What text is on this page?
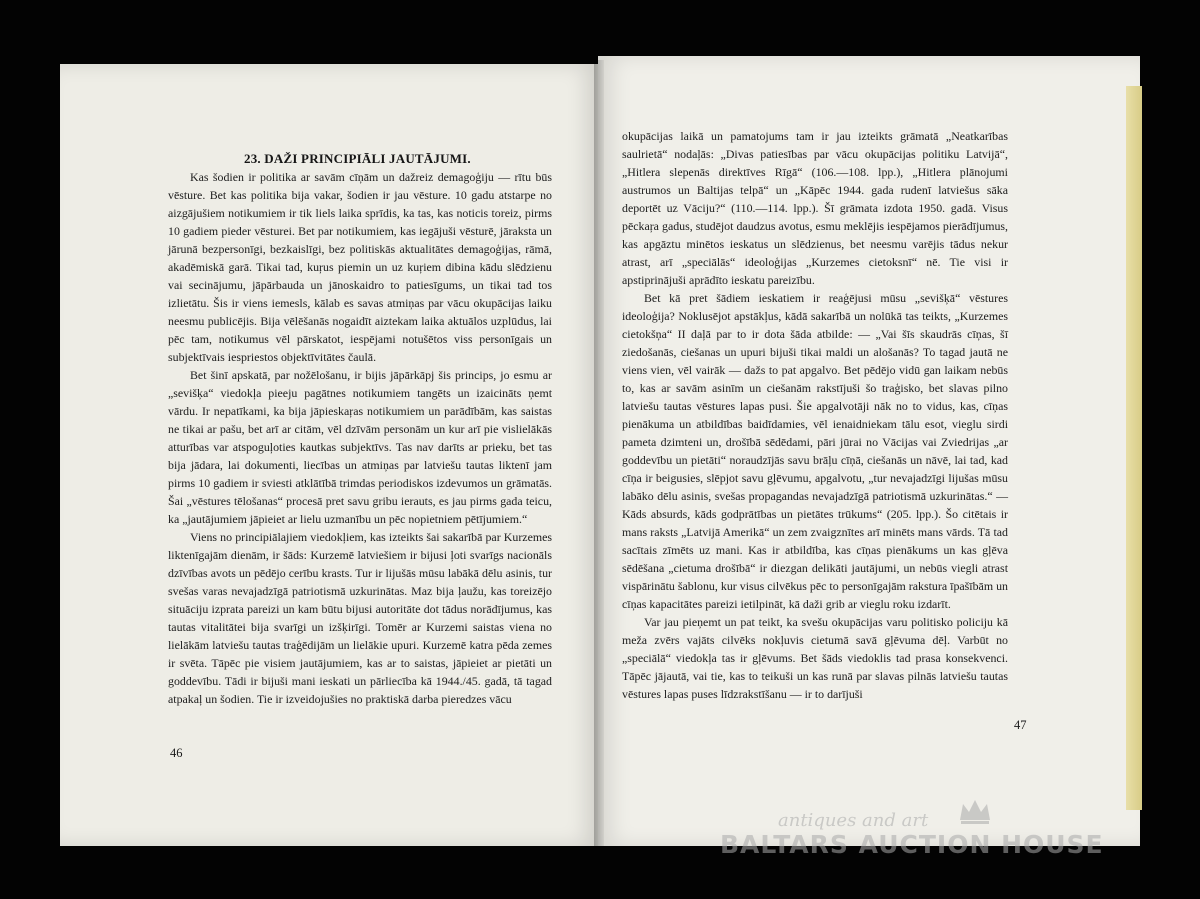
23. DAŽI PRINCIPIĀLI JAUTĀJUMI.

Kas šodien ir politika ar savām cīņām un dažreiz demagoģiju — rītu būs vēsture. Bet kas politika bija vakar, šodien ir jau vēsture. 10 gadu atstarpe no aizgājušiem notikumiem ir tik liels laika sprīdis, ka tas, kas noticis toreiz, pirms 10 gadiem pieder vēsturei. Bet par notikumiem, kas iegājuši vēsturē, jāraksta un jārunā bezpersonīgi, bezkaislīgi, bez politiskās aktualitātes demagoģijas, rāmā, akadēmiskā garā. Tikai tad, kuŗus piemin un uz kuŗiem dibina kādu slēdzienu vai secinājumu, jāpārbauda un jānoskaidro to patiesīgums, un tikai tad tos izlietātu. Šis ir viens iemesls, kālab es savas atmiņas par vācu okupācijas laiku neesmu publicējis. Bija vēlēšanās nogaidīt aiztekam laika aktuālos uzplūdus, lai pēc tam, notikumus vēl pārskatot, iespējami notušētos viss personīgais un subjektīvais iespriestos objektīvitātes čaulā.

Bet šinī apskatā, par nožēlošanu, ir bijis jāpārkāpj šis princips, jo esmu ar „sevišķa“ viedokļa pieeju pagātnes notikumiem tangēts un izaicināts ņemt vārdu. Ir nepatīkami, ka bija jāpieskaŗas notikumiem un parādībām, kas saistas ne tikai ar pašu, bet arī ar citām, vēl dzīvām personām un kur arī pie vislielākās atturības var atspoguļoties kautkas subjektīvs. Tas nav darīts ar prieku, bet tas bija jādara, lai dokumenti, liecības un atmiņas par latviešu tautas liktenī jam pirms 10 gadiem ir sviesti atklātībā trimdas periodiskos izdevumos un grāmatās. Šai „vēstures tēlošanas“ procesā pret savu gribu ierauts, es jau pirms gada teicu, ka „jautājumiem jāpieiet ar lielu uzmanību un pēc nopietniem pētījumiem.“

Viens no principiālajiem viedokļiem, kas izteikts šai sakarībā par Kurzemes liktenīgajām dienām, ir šāds: Kurzemē latviešiem ir bijusi ļoti svarīgs nacionāls dzīvības avots un pēdējo cerību krasts. Tur ir lijušās mūsu labākā dēlu asinis, tur svešas varas nevajadzīgā patriotismā uzkurinātas. Maz bija ļaužu, kas toreizējo situāciju izprata pareizi un kam būtu bijusi autoritāte dot tādus norādījumus, kas tautas vitalitātei bija svarīgi un izšķirīgi. Tomēr ar Kurzemi saistas viena no lielākām latviešu tautas traģēdijām un lielākie upuri. Kurzemē katra pēda zemes ir svēta. Tāpēc pie visiem jautājumiem, kas ar to saistas, jāpieiet ar pietāti un goddevību. Tādi ir bijuši mani ieskati un pārliecība kā 1944./45. gadā, tā tagad atpakaļ un šodien. Tie ir izveidojušies no praktiskā darba pieredzes vācu

46

okupācijas laikā un pamatojums tam ir jau izteikts grāmatā „Neatkarības saulrietā“ nodaļās: „Divas patiesības par vācu okupācijas politiku Latvijā“, „Hitlera slepenās direktīves Rīgā“ (106.—108. lpp.), „Hitlera plānojumi austrumos un Baltijas telpā“ un „Kāpēc 1944. gada rudenī latviešus sāka deportēt uz Vāciju?“ (110.—114. lpp.). Šī grāmata izdota 1950. gadā. Visus pēckaŗa gadus, studējot daudzus avotus, esmu meklējis iespējamos pierādījumus, kas apgāztu minētos ieskatus un slēdzienus, bet neesmu varējis tādus nekur atrast, arī „speciālās“ ideoloģijas „Kurzemes cietoksnī“ nē. Tie visi ir apstiprinājuši aprādīto ieskatu pareizību.

Bet kā pret šādiem ieskatiem ir reaģējusi mūsu „sevišķā“ vēstures ideoloģija? Noklusējot apstākļus, kādā sakarībā un nolūkā tas teikts, „Kurzemes cietokšņa“ II daļā par to ir dota šāda atbilde: — „Vai šīs skaudrās cīņas, šī ziedošanās, ciešanas un upuri bijuši tikai maldi un alošanās? To tagad jautā ne viens vien, vēl vairāk — dažs to pat apgalvo. Bet pēdējo vidū gan laikam nebūs to, kas ar savām asinīm un ciešanām rakstījuši šo traģisko, bet slavas pilno latviešu tautas vēstures lapas pusi. Šie apgalvotāji nāk no to vidus, kas, cīņas pienākuma un atbildības baidīdamies, vēl ienaidniekam tālu esot, vieglu sirdi pameta dzimteni un, drošībā sēdēdami, pāri jūrai no Vācijas vai Zviedrijas „ar goddevību un pietāti“ noraudzījās savu brāļu cīņā, ciešanās un nāvē, lai tad, kad cīņa ir beigusies, slēpjot savu gļēvumu, apgalvotu, „tur nevajadzīgi lijušas mūsu labāko dēlu asinis, svešas propagandas nevajadzīgā patriotismā uzkurinātas.“ — Kāds absurds, kāds godprātības un pietātes trūkums“ (205. lpp.). Šo citētais ir mans raksts „Latvijā Amerikā“ un zem zvaigznītes arī minēts mans vārds. Tā tad sacītais zīmēts uz mani. Kas ir atbildība, kas cīņas pienākums un kas gļēva sēdēšana „cietuma drošībā“ ir diezgan delikāti jautājumi, un nebūs viegli atrast vispārinātu šablonu, kur visus cilvēkus pēc to personīgajām rakstura īpašībām un cīņas kapacitātes pareizi ietilpināt, kā daži grib ar vieglu roku izdarīt.

Var jau pieņemt un pat teikt, ka svešu okupācijas varu politisko policiju kā meža zvērs vajāts cilvēks nokļuvis cietumā savā gļēvuma dēļ. Varbūt no „speciālā“ viedokļa tas ir gļēvums. Bet šāds viedoklis tad prasa konsekvenci. Tāpēc jājautā, vai tie, kas to teikuši un kas runā par slavas pilnās latviešu tautas vēstures lapas puses līdzrakstīšanu — ir to darījuši

47
antiques and art
BALTARS AUCTION HOUSE
